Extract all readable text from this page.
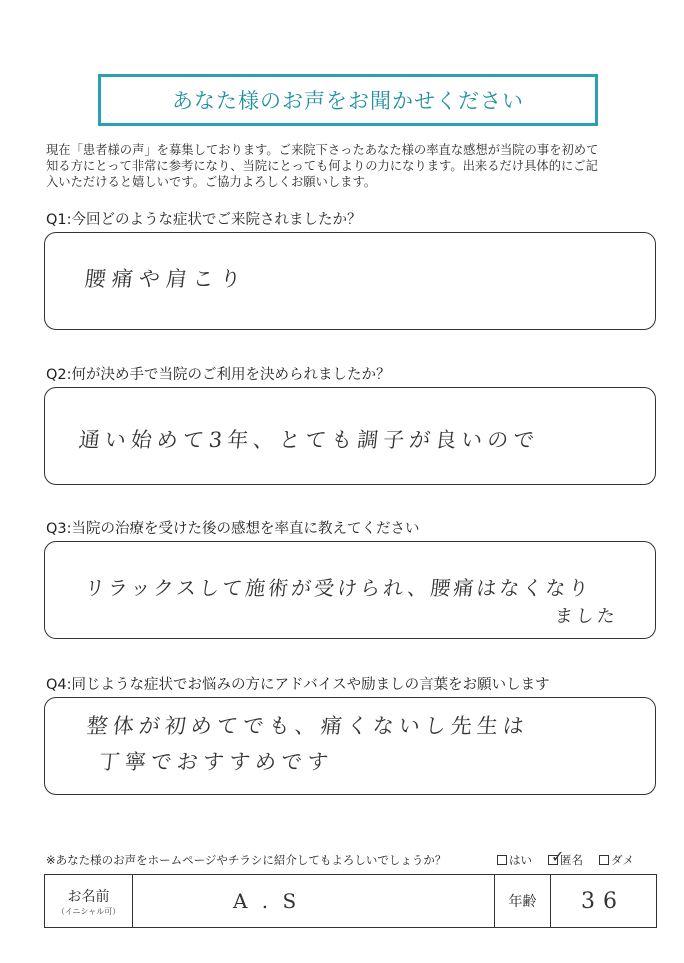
あなた様のお声をお聞かせください
現在「患者様の声」を募集しております。ご来院下さったあなた様の率直な感想が当院の事を初めて
知る方にとって非常に参考になり、当院にとっても何よりの力になります。出来るだけ具体的にご記
入いただけると嬉しいです。ご協力よろしくお願いします。
Q1:今回どのような症状でご来院されましたか？
腰痛や肩こり
Q2:何が決め手で当院のご利用を決められましたか？
通い始めて3年、とても調子が良いので
Q3:当院の治療を受けた後の感想を率直に教えてください
リラックスして施術が受けられ、腰痛はなくなり
ました
Q4:同じような症状でお悩みの方にアドバイスや励ましの言葉をお願いします
整体が初めてでも、痛くないし先生は
丁寧でおすすめです
※あなた様のお声をホームページやチラシに紹介してもよろしいでしょうか？	はい ✓
匿名 ダメ
お名前
（イニシャル可）	A . S	年齢	36
